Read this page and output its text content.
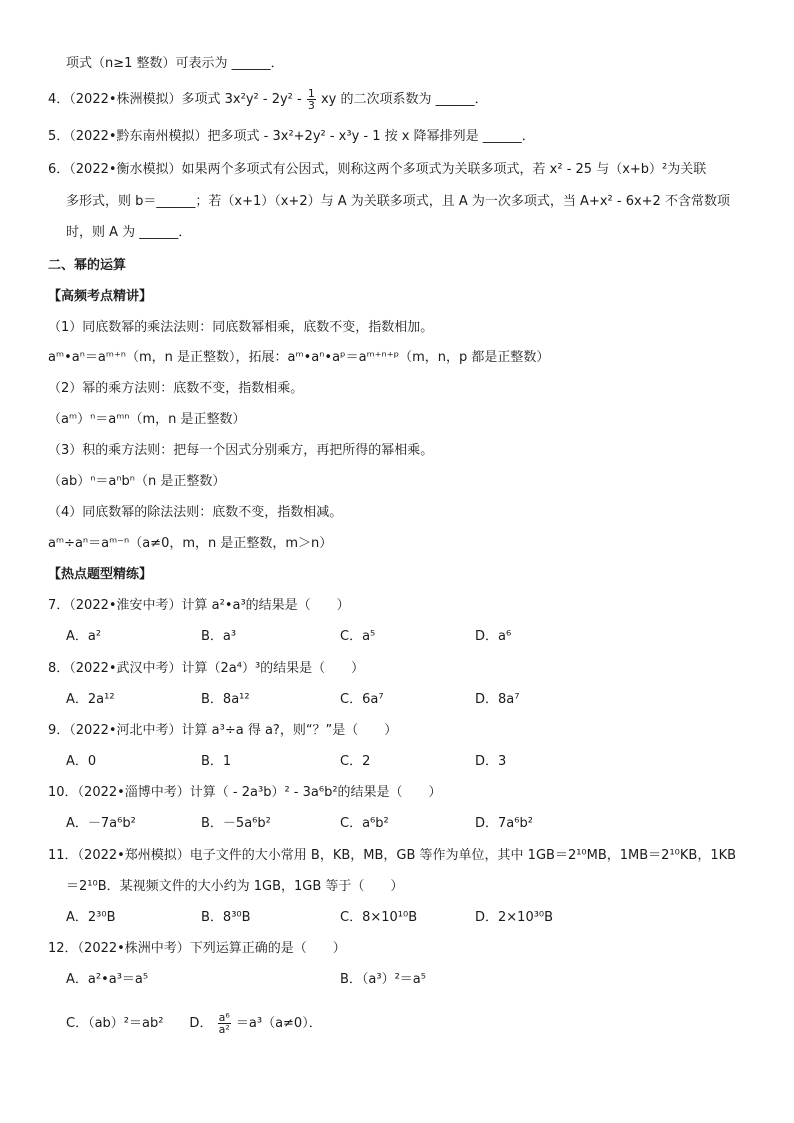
项式（n≥1 整数）可表示为 ______．
4．（2022•株洲模拟）多项式 $3x^2y^2 - 2y^2 - \frac{1}{3}$ xy 的二次项系数为 ______．
5．（2022•黔东南州模拟）把多项式 - 3x²+2y² - x³y - 1 按 x 降幂排列是 ______．
6．（2022•衡水模拟）如果两个多项式有公因式，则称这两个多项式为关联多项式，若 x² - 25 与（x+b）²为关联
多形式，则 b＝______；若（x+1）（x+2）与 A 为关联多项式，且 A 为一次多项式，当 A+x² - 6x+2 不含常数项
时，则 A 为 ______．
二、幂的运算
【高频考点精讲】
（1）同底数幂的乘法法则：同底数幂相乘，底数不变，指数相加。
aᵐ•aⁿ＝aᵐ⁺ⁿ（m，n 是正整数），拓展：aᵐ•aⁿ•aᵖ＝aᵐ⁺ⁿ⁺ᵖ（m，n，p 都是正整数）
（2）幂的乘方法则：底数不变，指数相乘。
（aᵐ）ⁿ＝aᵐⁿ（m，n 是正整数）
（3）积的乘方法则：把每一个因式分别乘方，再把所得的幂相乘。
（ab）ⁿ＝aⁿbⁿ（n 是正整数）
（4）同底数幂的除法法则：底数不变，指数相减。
aᵐ÷aⁿ＝aᵐ⁻ⁿ（a≠0，m，n 是正整数，m＞n）
【热点题型精练】
7．（2022•淮安中考）计算 a²•a³的结果是（　　）
A．a²	B．a³	C．a⁵	D．a⁶
8．（2022•武汉中考）计算（2a⁴）³的结果是（　　）
A．2a¹²	B．8a¹²	C．6a⁷	D．8a⁷
9．（2022•河北中考）计算 a³÷a 得 a?，则“？”是（　　）
A．0	B．1	C．2	D．3
10．（2022•淄博中考）计算（ - 2a³b）² - 3a⁶b²的结果是（　　）
A．－7a⁶b²	B．－5a⁶b²	C．a⁶b²	D．7a⁶b²
11．（2022•郑州模拟）电子文件的大小常用 B，KB，MB，GB 等作为单位，其中 1GB＝2¹⁰MB，1MB＝2¹⁰KB，1KB
＝2¹⁰B．某视频文件的大小约为 1GB，1GB 等于（　　）
A．2³⁰B	B．8³⁰B	C．8×10¹⁰B	D．2×10³⁰B
12．（2022•株洲中考）下列运算正确的是（　　）
A．a²•a³＝a⁵	B．（a³）²＝a⁵
C．（ab）²＝ab²　　D． $\frac{\text{a⁶}}{\text{a²}} =a^3(a\ne 0)$．
